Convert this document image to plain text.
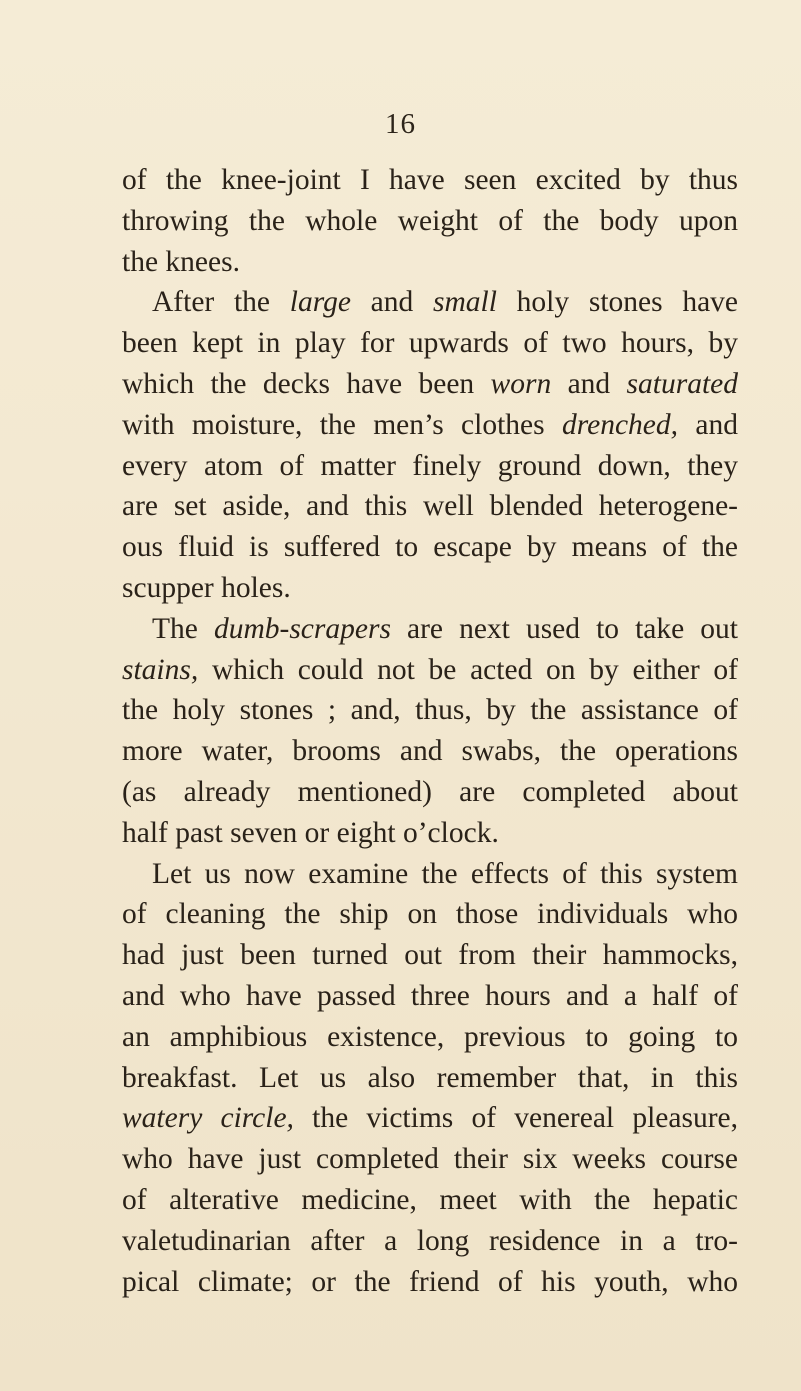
16
of the knee-joint I have seen excited by thus
throwing the whole weight of the body upon
the knees.
After the large and small holy stones have
been kept in play for upwards of two hours, by
which the decks have been worn and saturated
with moisture, the men’s clothes drenched, and
every atom of matter finely ground down, they
are set aside, and this well blended heterogene-
ous fluid is suffered to escape by means of the
scupper holes.
The dumb-scrapers are next used to take out
stains, which could not be acted on by either of
the holy stones ; and, thus, by the assistance of
more water, brooms and swabs, the operations
(as already mentioned) are completed about
half past seven or eight o’clock.
Let us now examine the effects of this system
of cleaning the ship on those individuals who
had just been turned out from their hammocks,
and who have passed three hours and a half of
an amphibious existence, previous to going to
breakfast. Let us also remember that, in this
watery circle, the victims of venereal pleasure,
who have just completed their six weeks course
of alterative medicine, meet with the hepatic
valetudinarian after a long residence in a tro-
pical climate; or the friend of his youth, who
